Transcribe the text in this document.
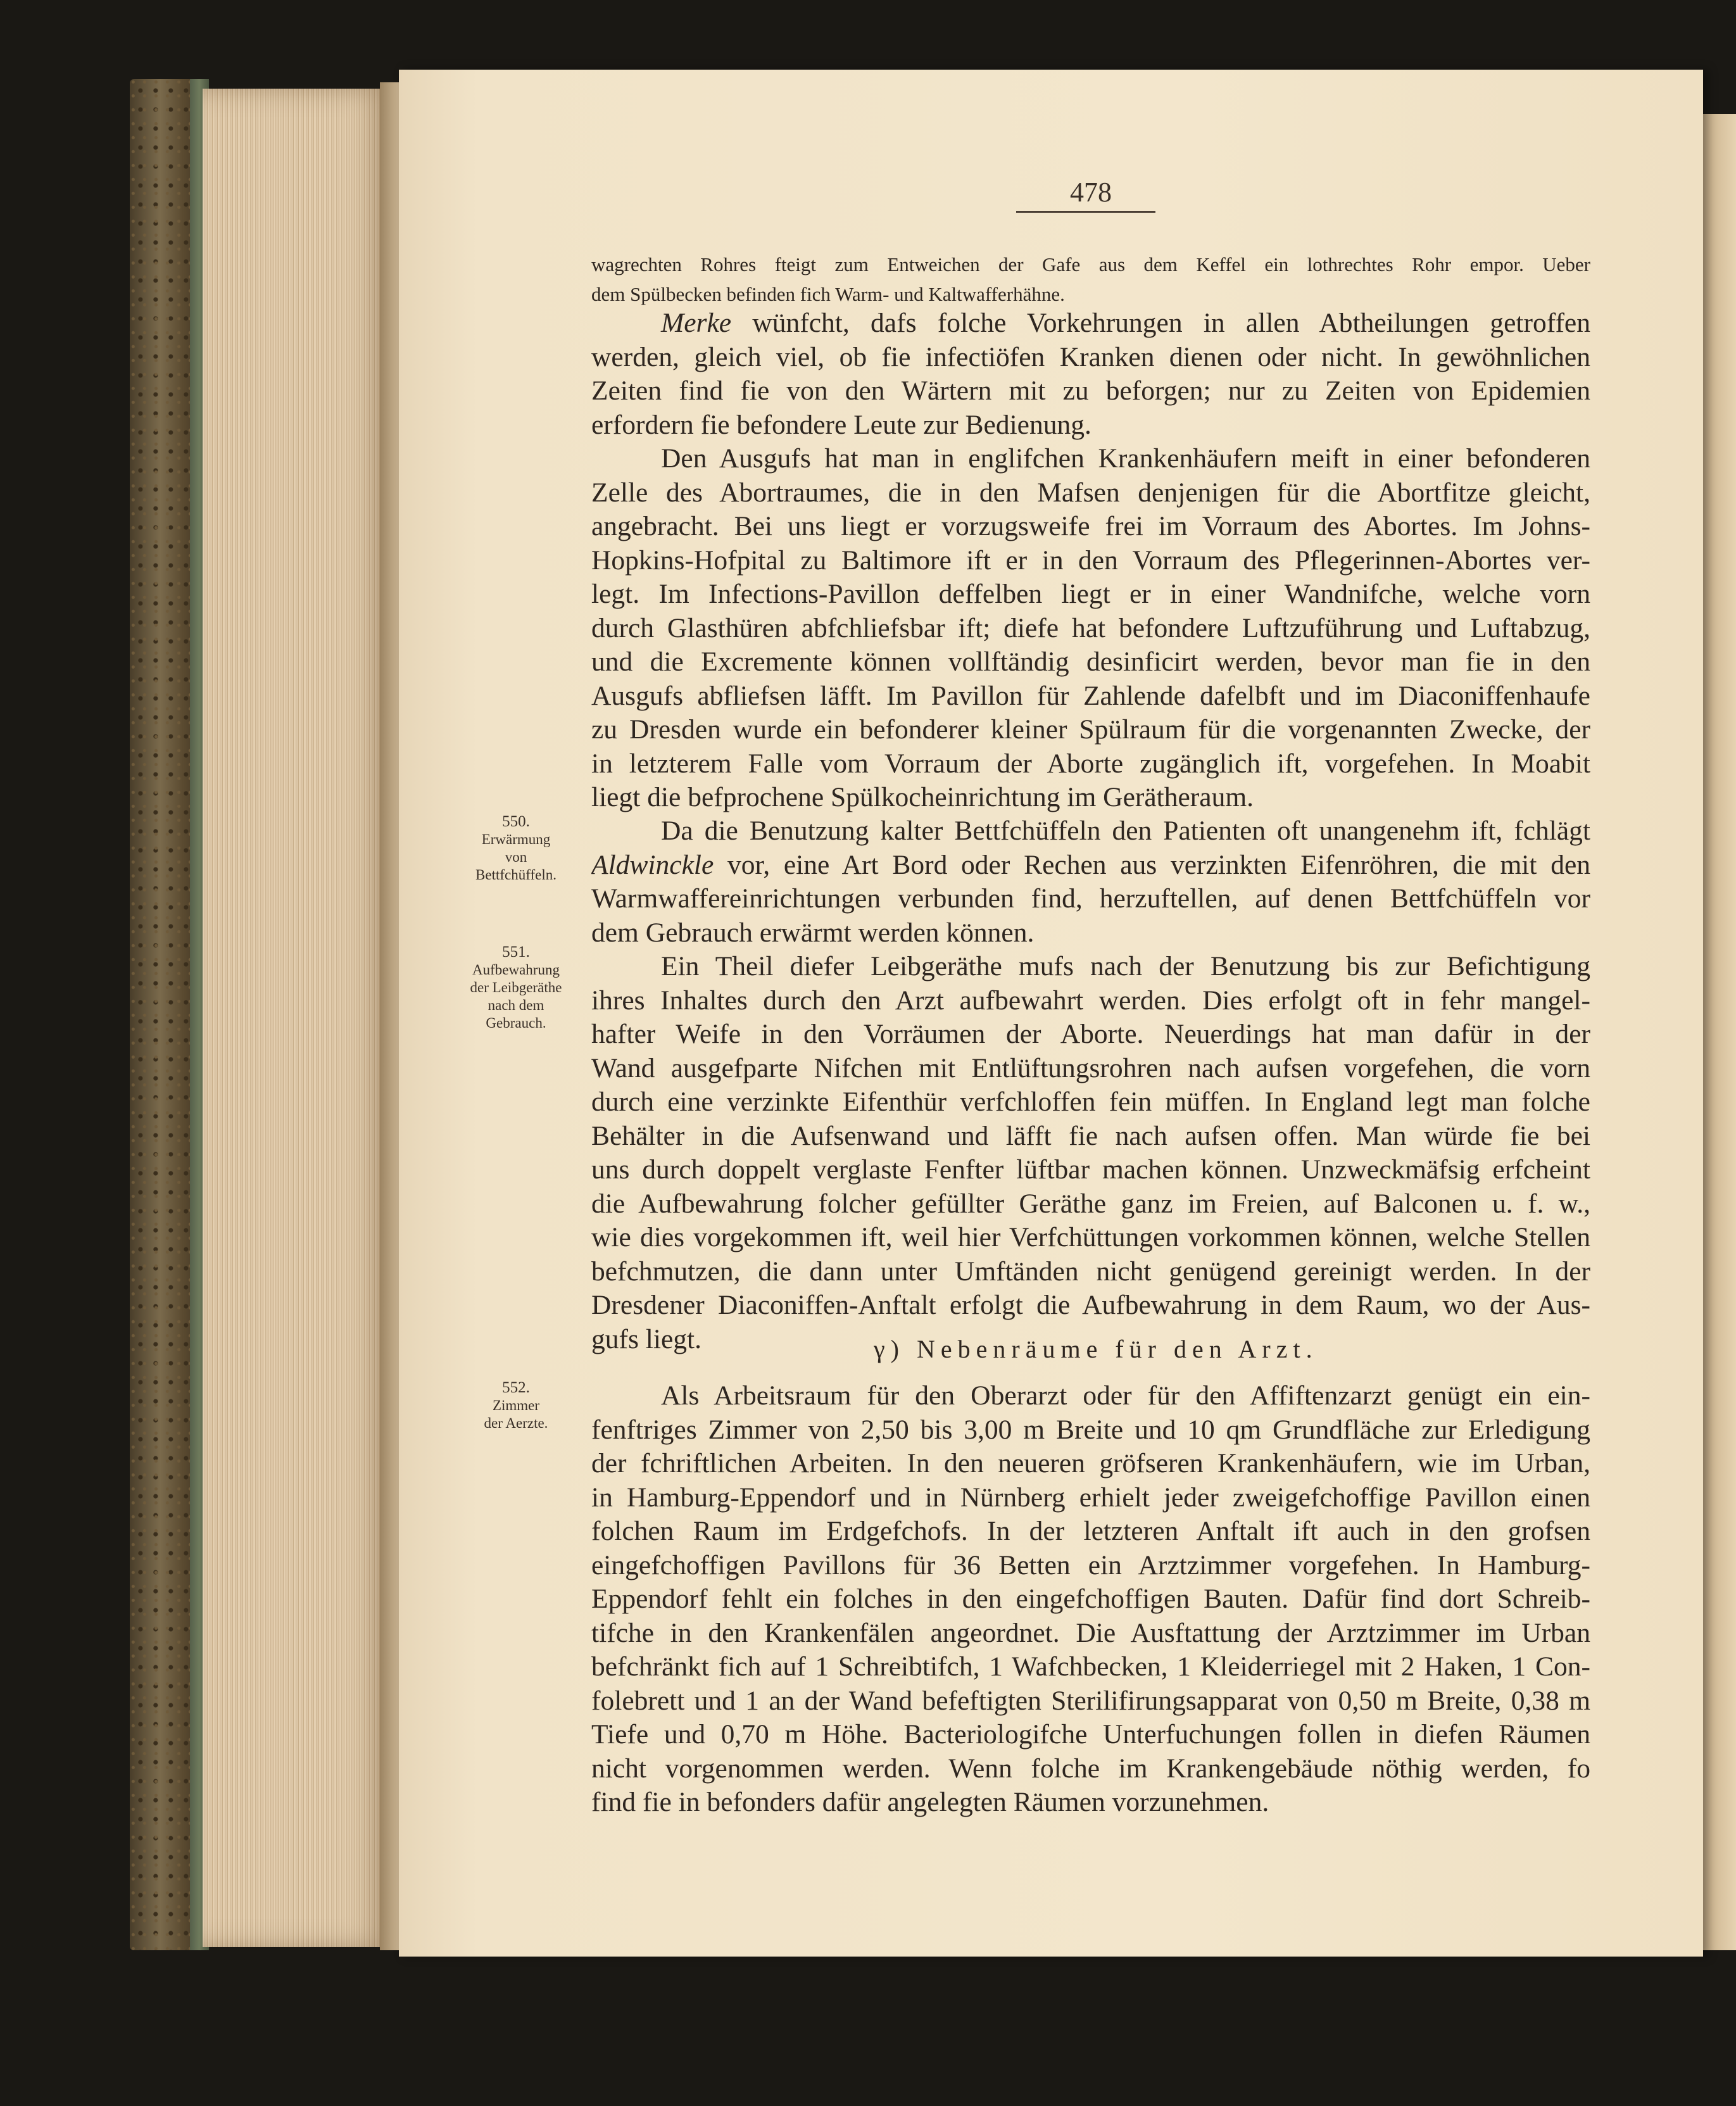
478
wagrechten Rohres fteigt zum Entweichen der Gafe aus dem Keffel ein lothrechtes Rohr empor. Ueber
dem Spülbecken befinden fich Warm- und Kaltwafferhähne.
Merke wünfcht, dafs folche Vorkehrungen in allen Abtheilungen getroffen
werden, gleich viel, ob fie infectiöfen Kranken dienen oder nicht. In gewöhnlichen
Zeiten find fie von den Wärtern mit zu beforgen; nur zu Zeiten von Epidemien
erfordern fie befondere Leute zur Bedienung.
Den Ausgufs hat man in englifchen Krankenhäufern meift in einer befonderen
Zelle des Abortraumes, die in den Mafsen denjenigen für die Abortfitze gleicht,
angebracht. Bei uns liegt er vorzugsweife frei im Vorraum des Abortes. Im Johns-
Hopkins-Hofpital zu Baltimore ift er in den Vorraum des Pflegerinnen-Abortes ver-
legt. Im Infections-Pavillon deffelben liegt er in einer Wandnifche, welche vorn
durch Glasthüren abfchliefsbar ift; diefe hat befondere Luftzuführung und Luftabzug,
und die Excremente können vollftändig desinficirt werden, bevor man fie in den
Ausgufs abfliefsen läfft. Im Pavillon für Zahlende dafelbft und im Diaconiffenhaufe
zu Dresden wurde ein befonderer kleiner Spülraum für die vorgenannten Zwecke, der
in letzterem Falle vom Vorraum der Aborte zugänglich ift, vorgefehen. In Moabit
liegt die befprochene Spülkocheinrichtung im Gerätheraum.
Da die Benutzung kalter Bettfchüffeln den Patienten oft unangenehm ift, fchlägt
Aldwinckle vor, eine Art Bord oder Rechen aus verzinkten Eifenröhren, die mit den
Warmwaffereinrichtungen verbunden find, herzuftellen, auf denen Bettfchüffeln vor
dem Gebrauch erwärmt werden können.
Ein Theil diefer Leibgeräthe mufs nach der Benutzung bis zur Befichtigung
ihres Inhaltes durch den Arzt aufbewahrt werden. Dies erfolgt oft in fehr mangel-
hafter Weife in den Vorräumen der Aborte. Neuerdings hat man dafür in der
Wand ausgefparte Nifchen mit Entlüftungsrohren nach aufsen vorgefehen, die vorn
durch eine verzinkte Eifenthür verfchloffen fein müffen. In England legt man folche
Behälter in die Aufsenwand und läfft fie nach aufsen offen. Man würde fie bei
uns durch doppelt verglaste Fenfter lüftbar machen können. Unzweckmäfsig erfcheint
die Aufbewahrung folcher gefüllter Geräthe ganz im Freien, auf Balconen u. f. w.,
wie dies vorgekommen ift, weil hier Verfchüttungen vorkommen können, welche Stellen
befchmutzen, die dann unter Umftänden nicht genügend gereinigt werden. In der
Dresdener Diaconiffen-Anftalt erfolgt die Aufbewahrung in dem Raum, wo der Aus-
gufs liegt.	γ) Nebenräume für den Arzt.
Als Arbeitsraum für den Oberarzt oder für den Affiftenzarzt genügt ein ein-
fenftriges Zimmer von 2,50 bis 3,00 m Breite und 10 qm Grundfläche zur Erledigung
der fchriftlichen Arbeiten. In den neueren gröfseren Krankenhäufern, wie im Urban,
in Hamburg-Eppendorf und in Nürnberg erhielt jeder zweigefchoffige Pavillon einen
folchen Raum im Erdgefchofs. In der letzteren Anftalt ift auch in den grofsen
eingefchoffigen Pavillons für 36 Betten ein Arztzimmer vorgefehen. In Hamburg-
Eppendorf fehlt ein folches in den eingefchoffigen Bauten. Dafür find dort Schreib-
tifche in den Krankenfälen angeordnet. Die Ausftattung der Arztzimmer im Urban
befchränkt fich auf 1 Schreibtifch, 1 Wafchbecken, 1 Kleiderriegel mit 2 Haken, 1 Con-
folebrett und 1 an der Wand befeftigten Sterilifirungsapparat von 0,50 m Breite, 0,38 m
Tiefe und 0,70 m Höhe. Bacteriologifche Unterfuchungen follen in diefen Räumen
nicht vorgenommen werden. Wenn folche im Krankengebäude nöthig werden, fo
find fie in befonders dafür angelegten Räumen vorzunehmen.
550.
Erwärmung
von
Bettfchüffeln.
551.
Aufbewahrung
der Leibgeräthe
nach dem
Gebrauch.
552.
Zimmer
der Aerzte.
